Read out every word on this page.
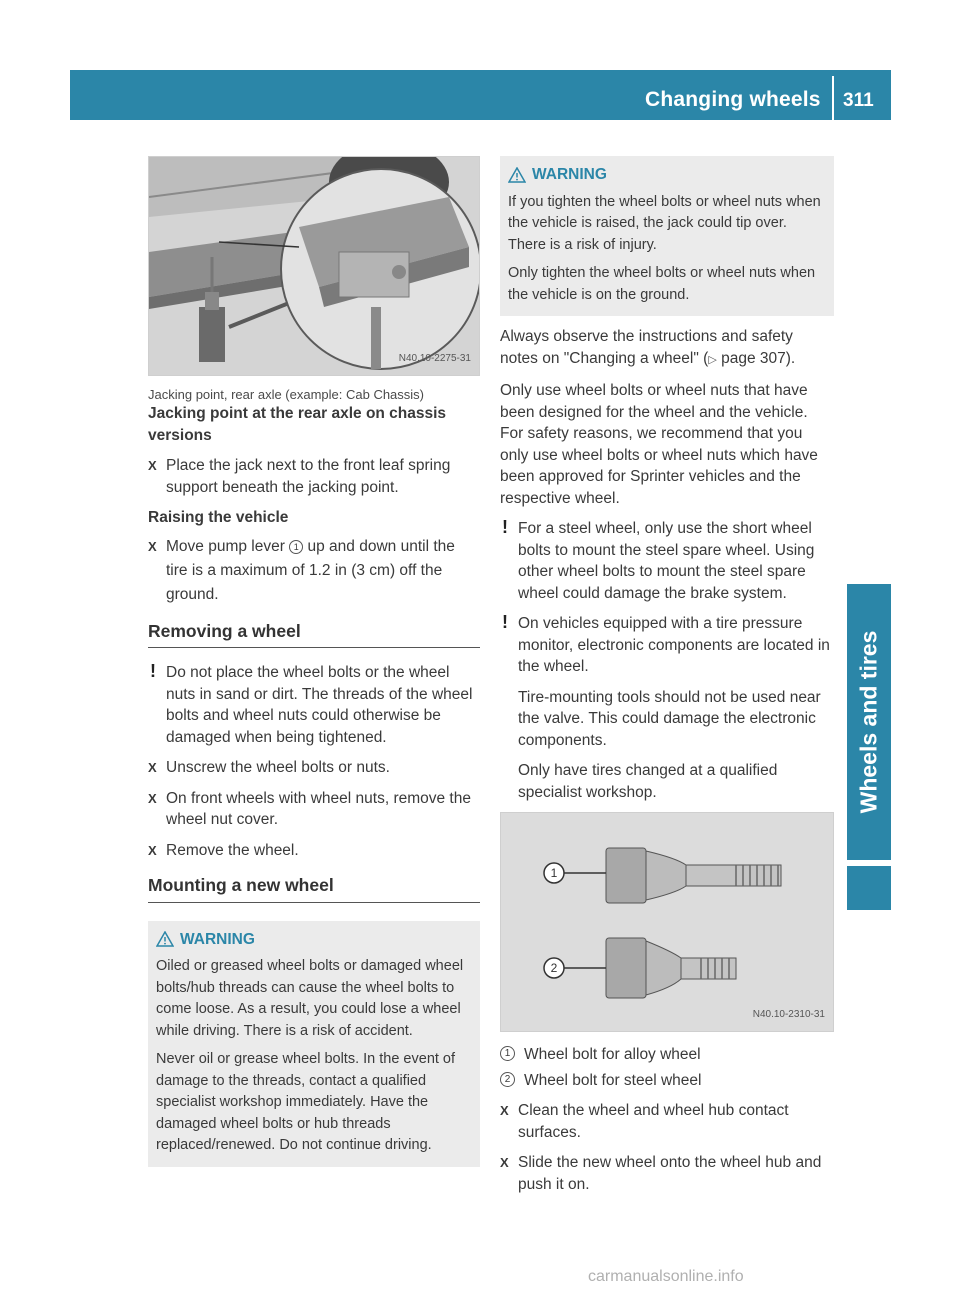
Changing wheels 311
Wheels and tires
N40.10-2275-31
Jacking point, rear axle (example: Cab Chassis)
Jacking point at the rear axle on chassis versions
X Place the jack next to the front leaf spring support beneath the jacking point.
Raising the vehicle
X Move pump lever 1 up and down until the tire is a maximum of 1.2 in (3 cm) off the ground.
Removing a wheel
! Do not place the wheel bolts or the wheel nuts in sand or dirt. The threads of the wheel bolts and wheel nuts could otherwise be damaged when being tightened.

X Unscrew the wheel bolts or nuts.
X On front wheels with wheel nuts, remove the wheel nut cover.
X Remove the wheel.
Mounting a new wheel
WARNING

Oiled or greased wheel bolts or damaged wheel bolts/hub threads can cause the wheel bolts to come loose. As a result, you could lose a wheel while driving. There is a risk of accident.

Never oil or grease wheel bolts. In the event of damage to the threads, contact a qualified specialist workshop immediately. Have the damaged wheel bolts or hub threads replaced/renewed. Do not continue driving.

WARNING

If you tighten the wheel bolts or wheel nuts when the vehicle is raised, the jack could tip over. There is a risk of injury.

Only tighten the wheel bolts or wheel nuts when the vehicle is on the ground.

Always observe the instructions and safety notes on "Changing a wheel" (▷ page 307).

Only use wheel bolts or wheel nuts that have been designed for the wheel and the vehicle. For safety reasons, we recommend that you only use wheel bolts or wheel nuts which have been approved for Sprinter vehicles and the respective wheel.

! For a steel wheel, only use the short wheel bolts to mount the steel spare wheel. Using other wheel bolts to mount the steel spare wheel could damage the brake system.

! On vehicles equipped with a tire pressure monitor, electronic components are located in the wheel.

Tire-mounting tools should not be used near the valve. This could damage the electronic components.

Only have tires changed at a qualified specialist workshop.

1
2
N40.10-2310-31
1 Wheel bolt for alloy wheel
2 Wheel bolt for steel wheel
X Clean the wheel and wheel hub contact surfaces.
X Slide the new wheel onto the wheel hub and push it on.
carmanualsonline.info
